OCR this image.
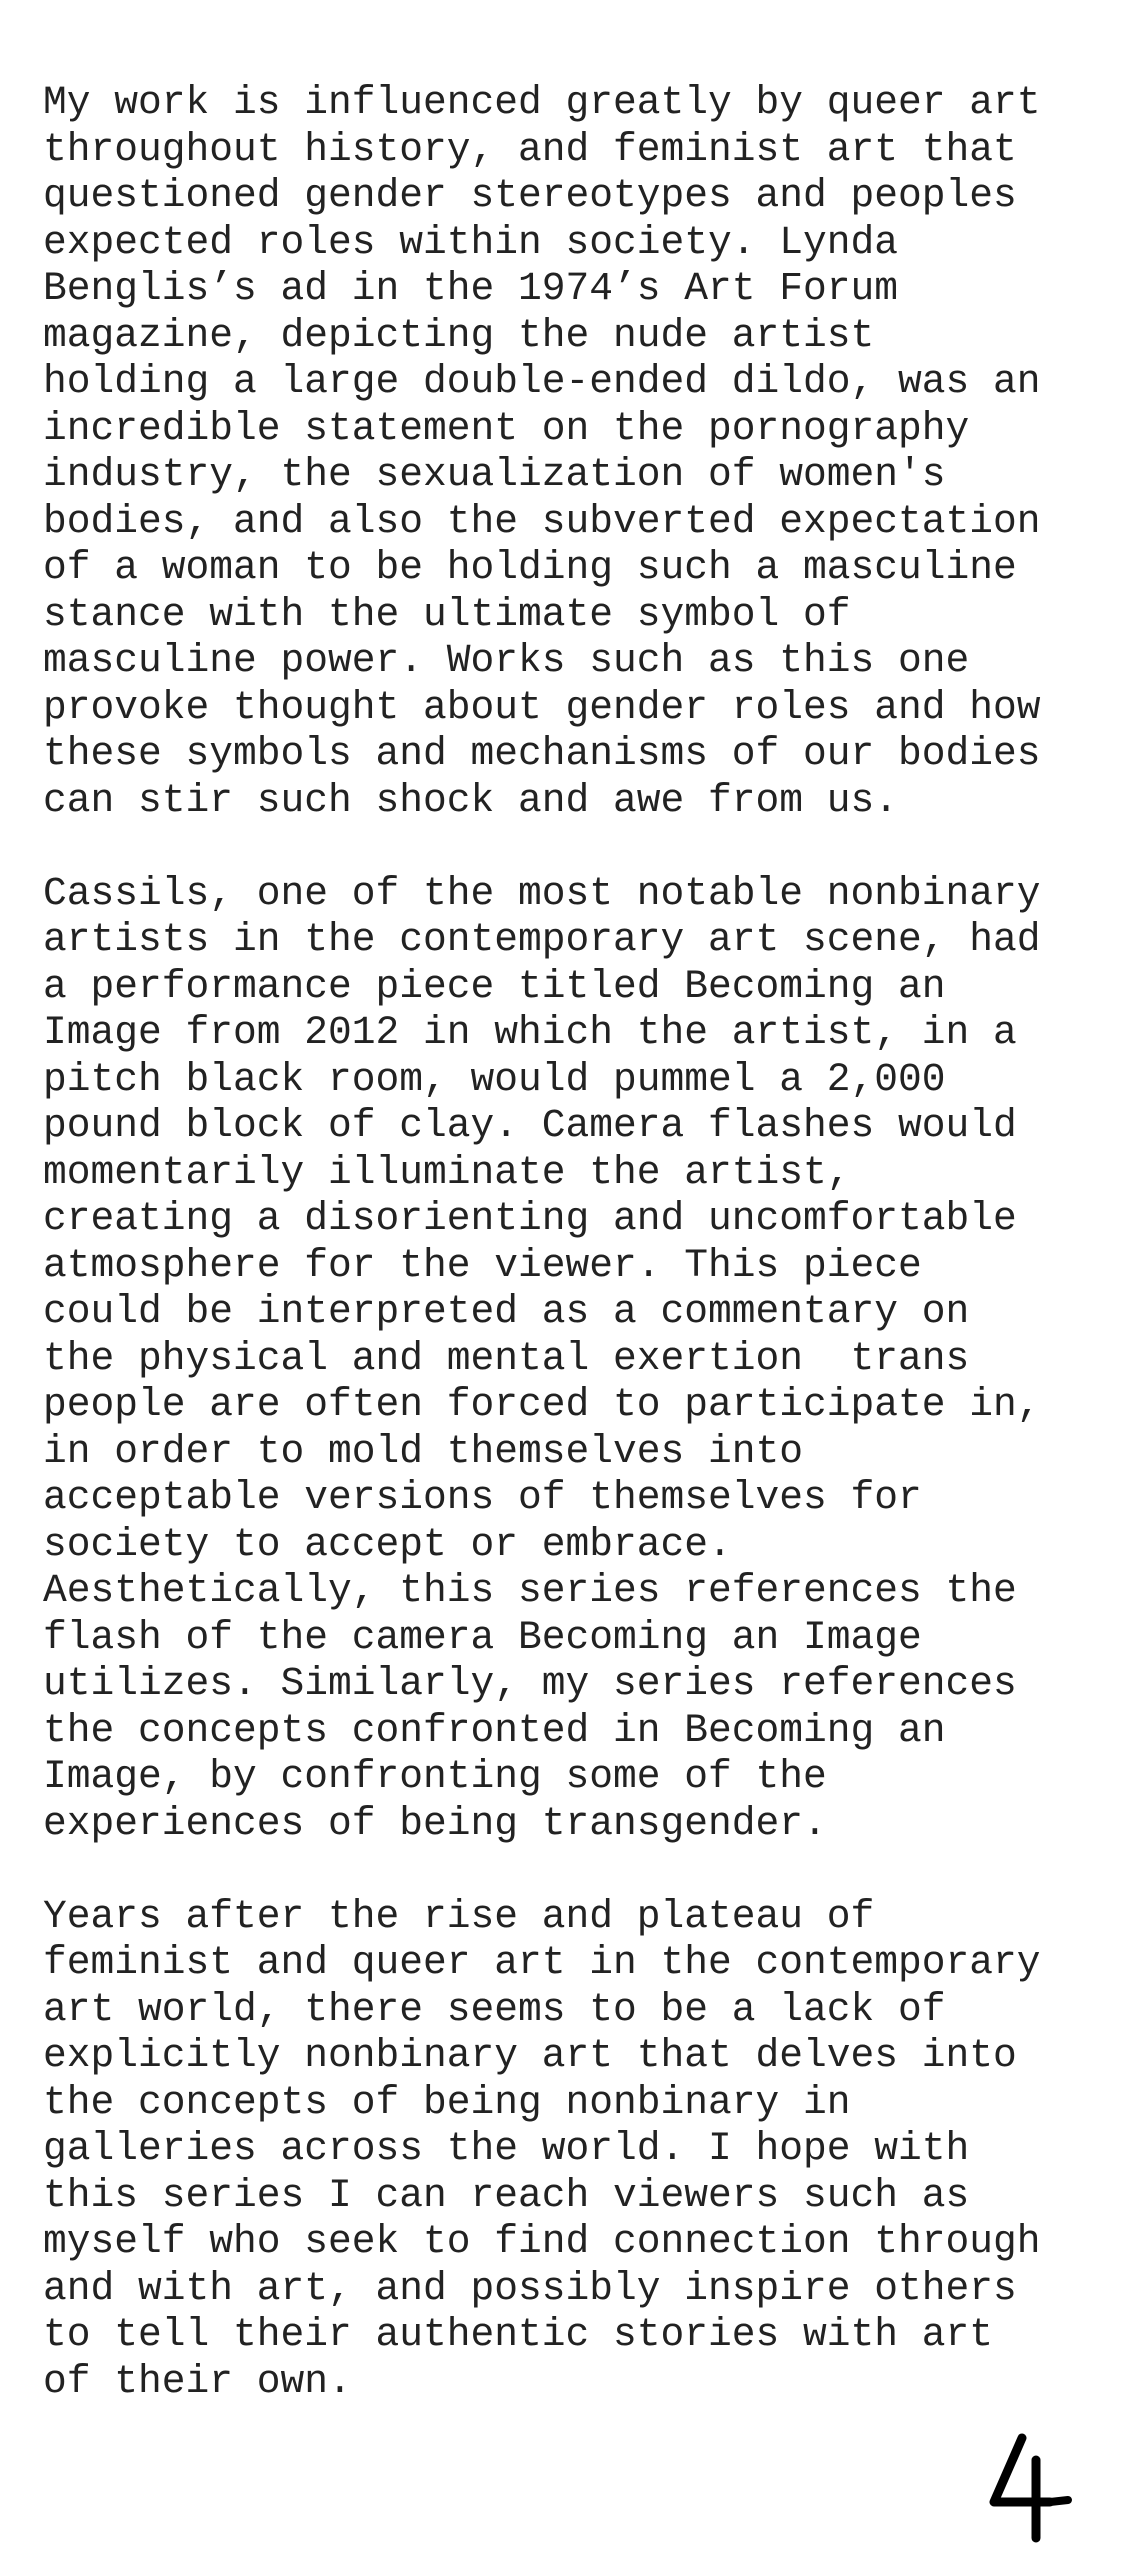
My work is influenced greatly by queer art
throughout history, and feminist art that
questioned gender stereotypes and peoples
expected roles within society. Lynda
Benglis’s ad in the 1974’s Art Forum
magazine, depicting the nude artist
holding a large double-ended dildo, was an
incredible statement on the pornography
industry, the sexualization of women's
bodies, and also the subverted expectation
of a woman to be holding such a masculine
stance with the ultimate symbol of
masculine power. Works such as this one
provoke thought about gender roles and how
these symbols and mechanisms of our bodies
can stir such shock and awe from us.
Cassils, one of the most notable nonbinary
artists in the contemporary art scene, had
a performance piece titled Becoming an
Image from 2012 in which the artist, in a
pitch black room, would pummel a 2,000
pound block of clay. Camera flashes would
momentarily illuminate the artist,
creating a disorienting and uncomfortable
atmosphere for the viewer. This piece
could be interpreted as a commentary on
the physical and mental exertion  trans
people are often forced to participate in,
in order to mold themselves into
acceptable versions of themselves for
society to accept or embrace.
Aesthetically, this series references the
flash of the camera Becoming an Image
utilizes. Similarly, my series references
the concepts confronted in Becoming an
Image, by confronting some of the
experiences of being transgender.
Years after the rise and plateau of
feminist and queer art in the contemporary
art world, there seems to be a lack of
explicitly nonbinary art that delves into
the concepts of being nonbinary in
galleries across the world. I hope with
this series I can reach viewers such as
myself who seek to find connection through
and with art, and possibly inspire others
to tell their authentic stories with art
of their own.
